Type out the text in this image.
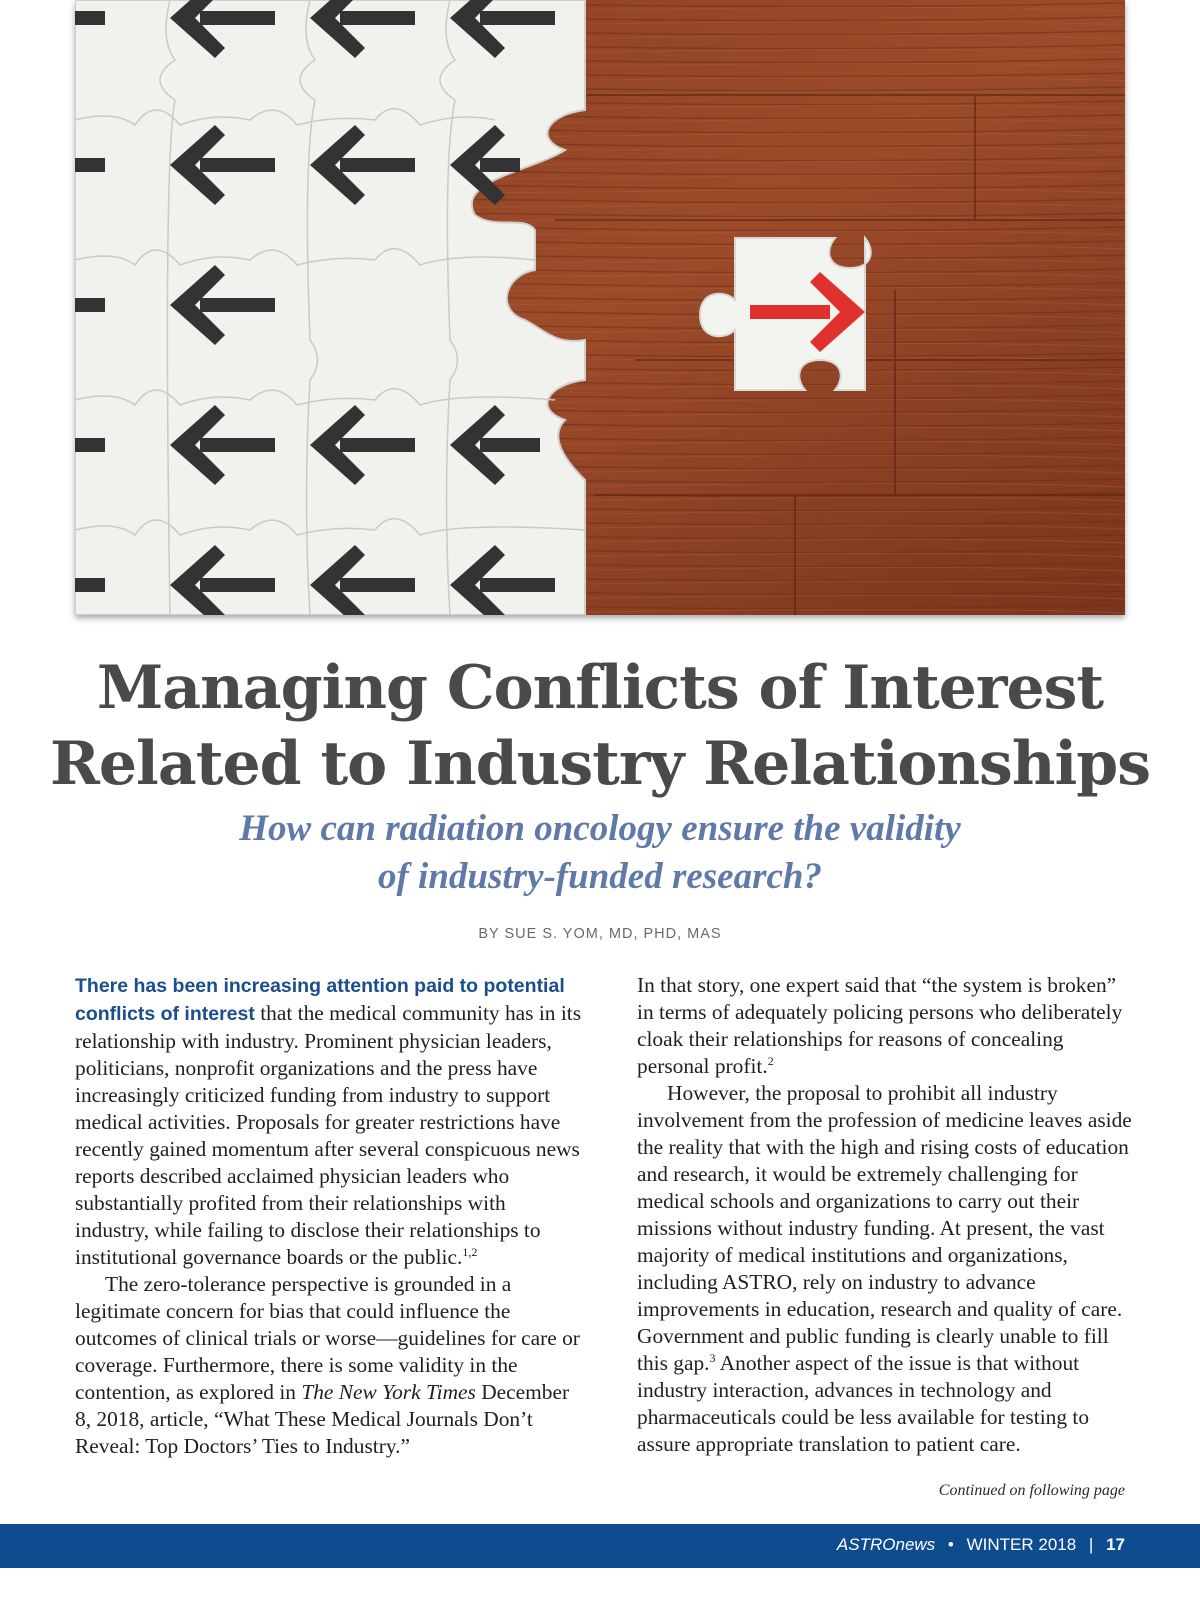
Managing Conflicts of Interest
Related to Industry Relationships
How can radiation oncology ensure the validity
of industry-funded research?
BY SUE S. YOM, MD, PHD, MAS

There has been increasing attention paid to potential conflicts of interest that the medical community has in its relationship with industry. Prominent physician leaders, politicians, nonprofit organizations and the press have increasingly criticized funding from industry to support medical activities. Proposals for greater restrictions have recently gained momentum after several conspicuous news reports described acclaimed physician leaders who substantially profited from their relationships with industry, while failing to disclose their relationships to institutional governance boards or the public.$^{1,2}$

The zero-tolerance perspective is grounded in a legitimate concern for bias that could influence the outcomes of clinical trials or worse—guidelines for care or coverage. Furthermore, there is some validity in the contention, as explored in The New York Times December 8, 2018, article, “What These Medical Journals Don’t Reveal: Top Doctors’ Ties to Industry.”

In that story, one expert said that “the system is broken” in terms of adequately policing persons who deliberately cloak their relationships for reasons of concealing personal profit.$^2$

However, the proposal to prohibit all industry involvement from the profession of medicine leaves aside the reality that with the high and rising costs of education and research, it would be extremely challenging for medical schools and organizations to carry out their missions without industry funding. At present, the vast majority of medical institutions and organizations, including ASTRO, rely on industry to advance improvements in education, research and quality of care. Government and public funding is clearly unable to fill this gap.$^3$ Another aspect of the issue is that without industry interaction, advances in technology and pharmaceuticals could be less available for testing to assure appropriate translation to patient care.

Continued on following page
ASTROnews • WINTER 2018 | 17
